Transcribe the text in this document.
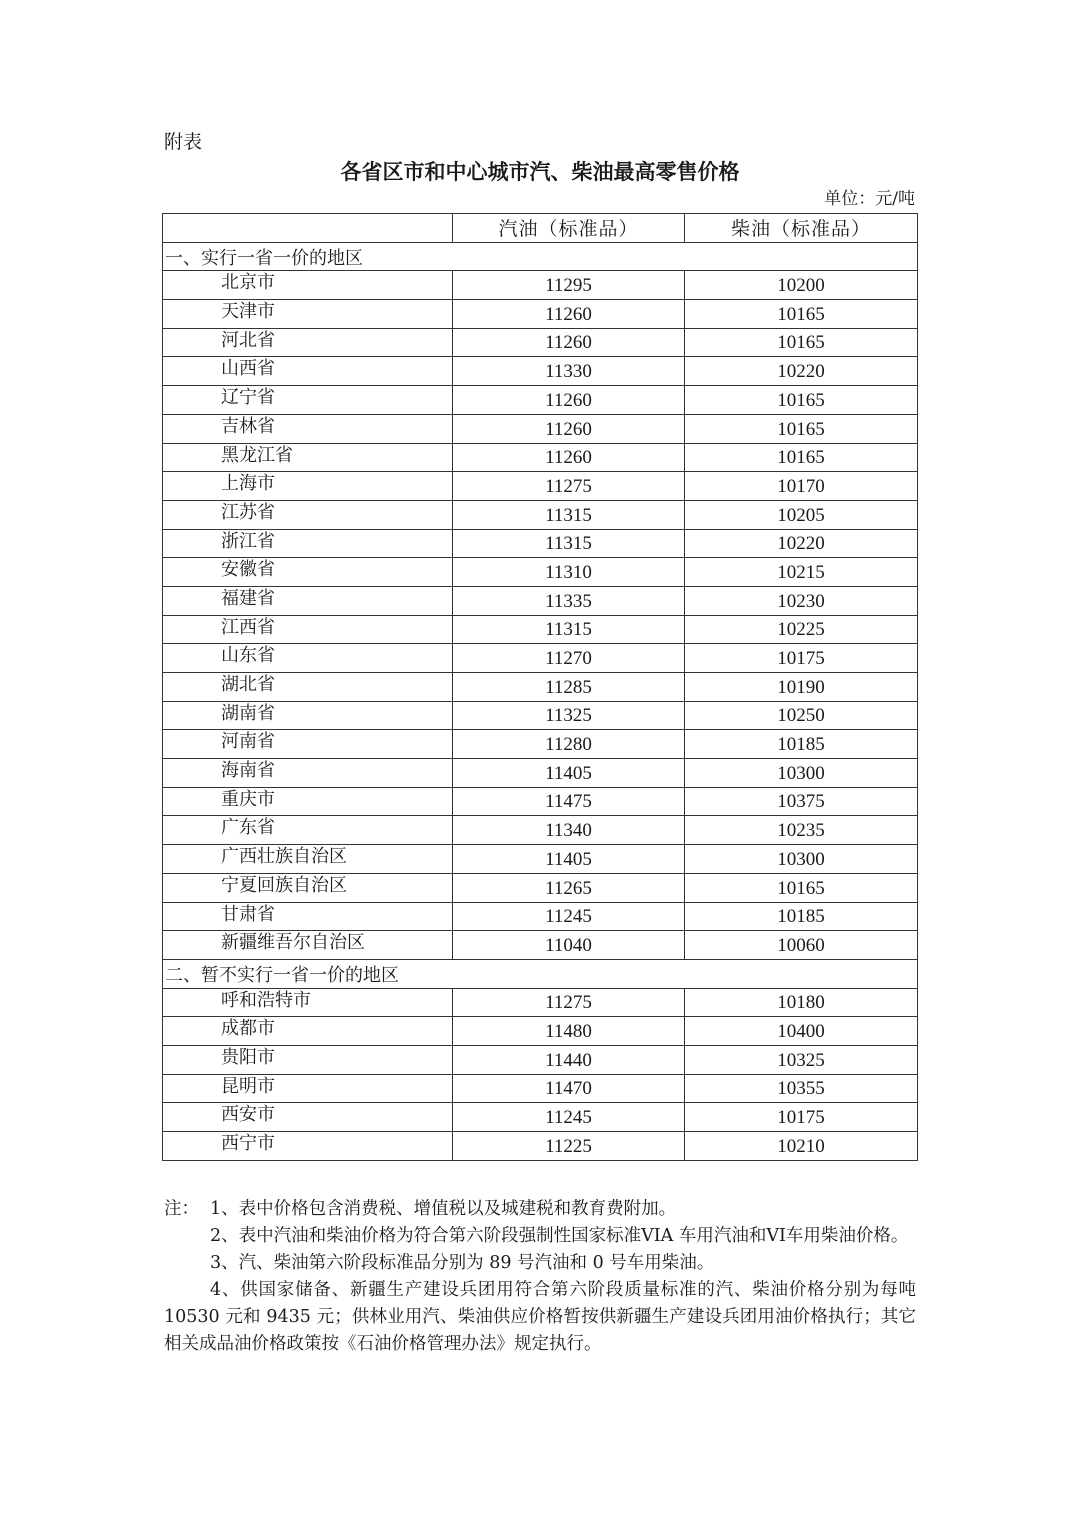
附表
各省区市和中心城市汽、柴油最高零售价格
单位：元/吨
	汽油（标准品）	柴油（标准品）
一、实行一省一价的地区		
北京市	11295	10200
天津市	11260	10165
河北省	11260	10165
山西省	11330	10220
辽宁省	11260	10165
吉林省	11260	10165
黑龙江省	11260	10165
上海市	11275	10170
江苏省	11315	10205
浙江省	11315	10220
安徽省	11310	10215
福建省	11335	10230
江西省	11315	10225
山东省	11270	10175
湖北省	11285	10190
湖南省	11325	10250
河南省	11280	10185
海南省	11405	10300
重庆市	11475	10375
广东省	11340	10235
广西壮族自治区	11405	10300
宁夏回族自治区	11265	10165
甘肃省	11245	10185
新疆维吾尔自治区	11040	10060
二、暂不实行一省一价的地区		
呼和浩特市	11275	10180
成都市	11480	10400
贵阳市	11440	10325
昆明市	11470	10355
西安市	11245	10175
西宁市	11225	10210

注： 1、表中价格包含消费税、增值税以及城建税和教育费附加。

2、表中汽油和柴油价格为符合第六阶段强制性国家标准VIA 车用汽油和VI车用柴油价格。

3、汽、柴油第六阶段标准品分别为 89 号汽油和 0 号车用柴油。

4、供国家储备、新疆生产建设兵团用符合第六阶段质量标准的汽、柴油价格分别为每吨 10530 元和 9435 元；供林业用汽、柴油供应价格暂按供新疆生产建设兵团用油价格执行；其它相关成品油价格政策按《石油价格管理办法》规定执行。
